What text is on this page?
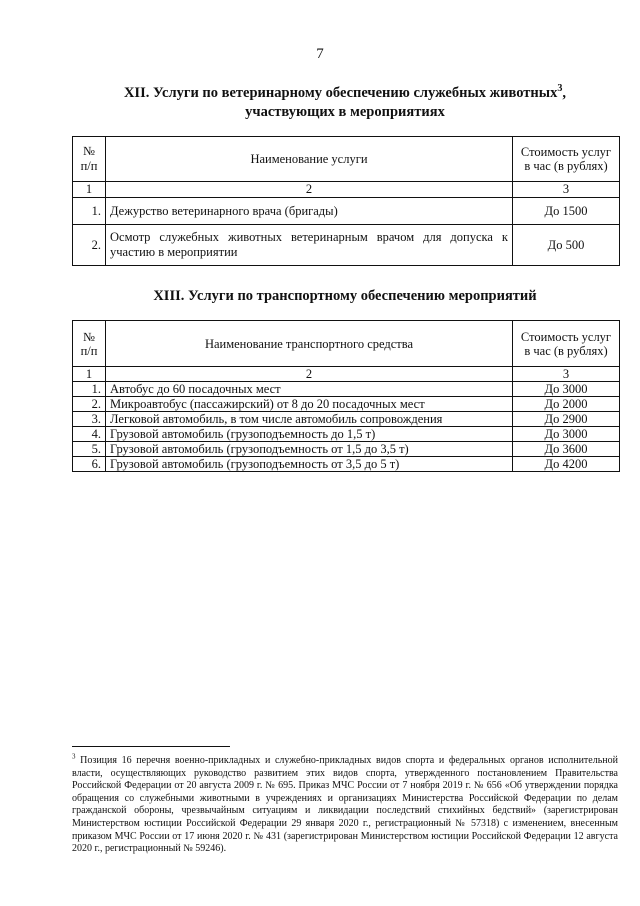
7
XII. Услуги по ветеринарному обеспечению служебных животных$^3$,
участвующих в мероприятиях
№ п/п	Наименование услуги	Стоимость услуг в час (в рублях)
1	2	3
1.	Дежурство ветеринарного врача (бригады)	До 1500
2.	Осмотр служебных животных ветеринарным врачом для допуска к участию в мероприятии	До 500
XIII. Услуги по транспортному обеспечению мероприятий
№ п/п	Наименование транспортного средства	Стоимость услуг в час (в рублях)
1	2	3
1.	Автобус до 60 посадочных мест	До 3000
2.	Микроавтобус (пассажирский) от 8 до 20 посадочных мест	До 2000
3.	Легковой автомобиль, в том числе автомобиль сопровождения	До 2900
4.	Грузовой автомобиль (грузоподъемность до 1,5 т)	До 3000
5.	Грузовой автомобиль (грузоподъемность от 1,5 до 3,5 т)	До 3600
6.	Грузовой автомобиль (грузоподъемность от 3,5 до 5 т)	До 4200
$^3$ Позиция 16 перечня военно-прикладных и служебно-прикладных видов спорта и федеральных органов исполнительной власти, осуществляющих руководство развитием этих видов спорта, утвержденного постановлением Правительства Российской Федерации от 20 августа 2009 г. № 695. Приказ МЧС России от 7 ноября 2019 г. № 656 «Об утверждении порядка обращения со служебными животными в учреждениях и организациях Министерства Российской Федерации по делам гражданской обороны, чрезвычайным ситуациям и ликвидации последствий стихийных бедствий» (зарегистрирован Министерством юстиции Российской Федерации 29 января 2020 г., регистрационный № 57318) с изменением, внесенным приказом МЧС России от 17 июня 2020 г. № 431 (зарегистрирован Министерством юстиции Российской Федерации 12 августа 2020 г., регистрационный № 59246).
